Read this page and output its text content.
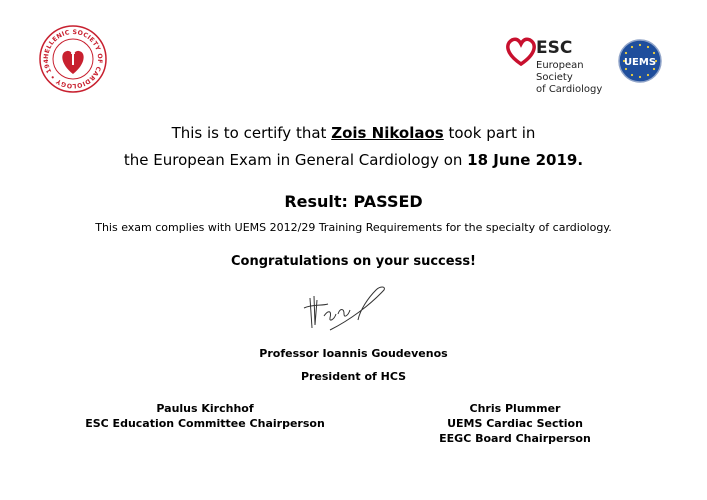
HELLENIC SOCIETY OF CARDIOLOGY • 194
ESC
European Society
of Cardiology
UEMS
This is to certify that Zois Nikolaos took part in
the European Exam in General Cardiology on 18 June 2019.
Result: PASSED
This exam complies with UEMS 2012/29 Training Requirements for the specialty of cardiology.
Congratulations on your success!
Professor Ioannis Goudevenos
President of HCS
Paulus Kirchhof
ESC Education Committee Chairperson
Chris Plummer
UEMS Cardiac Section
EEGC Board Chairperson
